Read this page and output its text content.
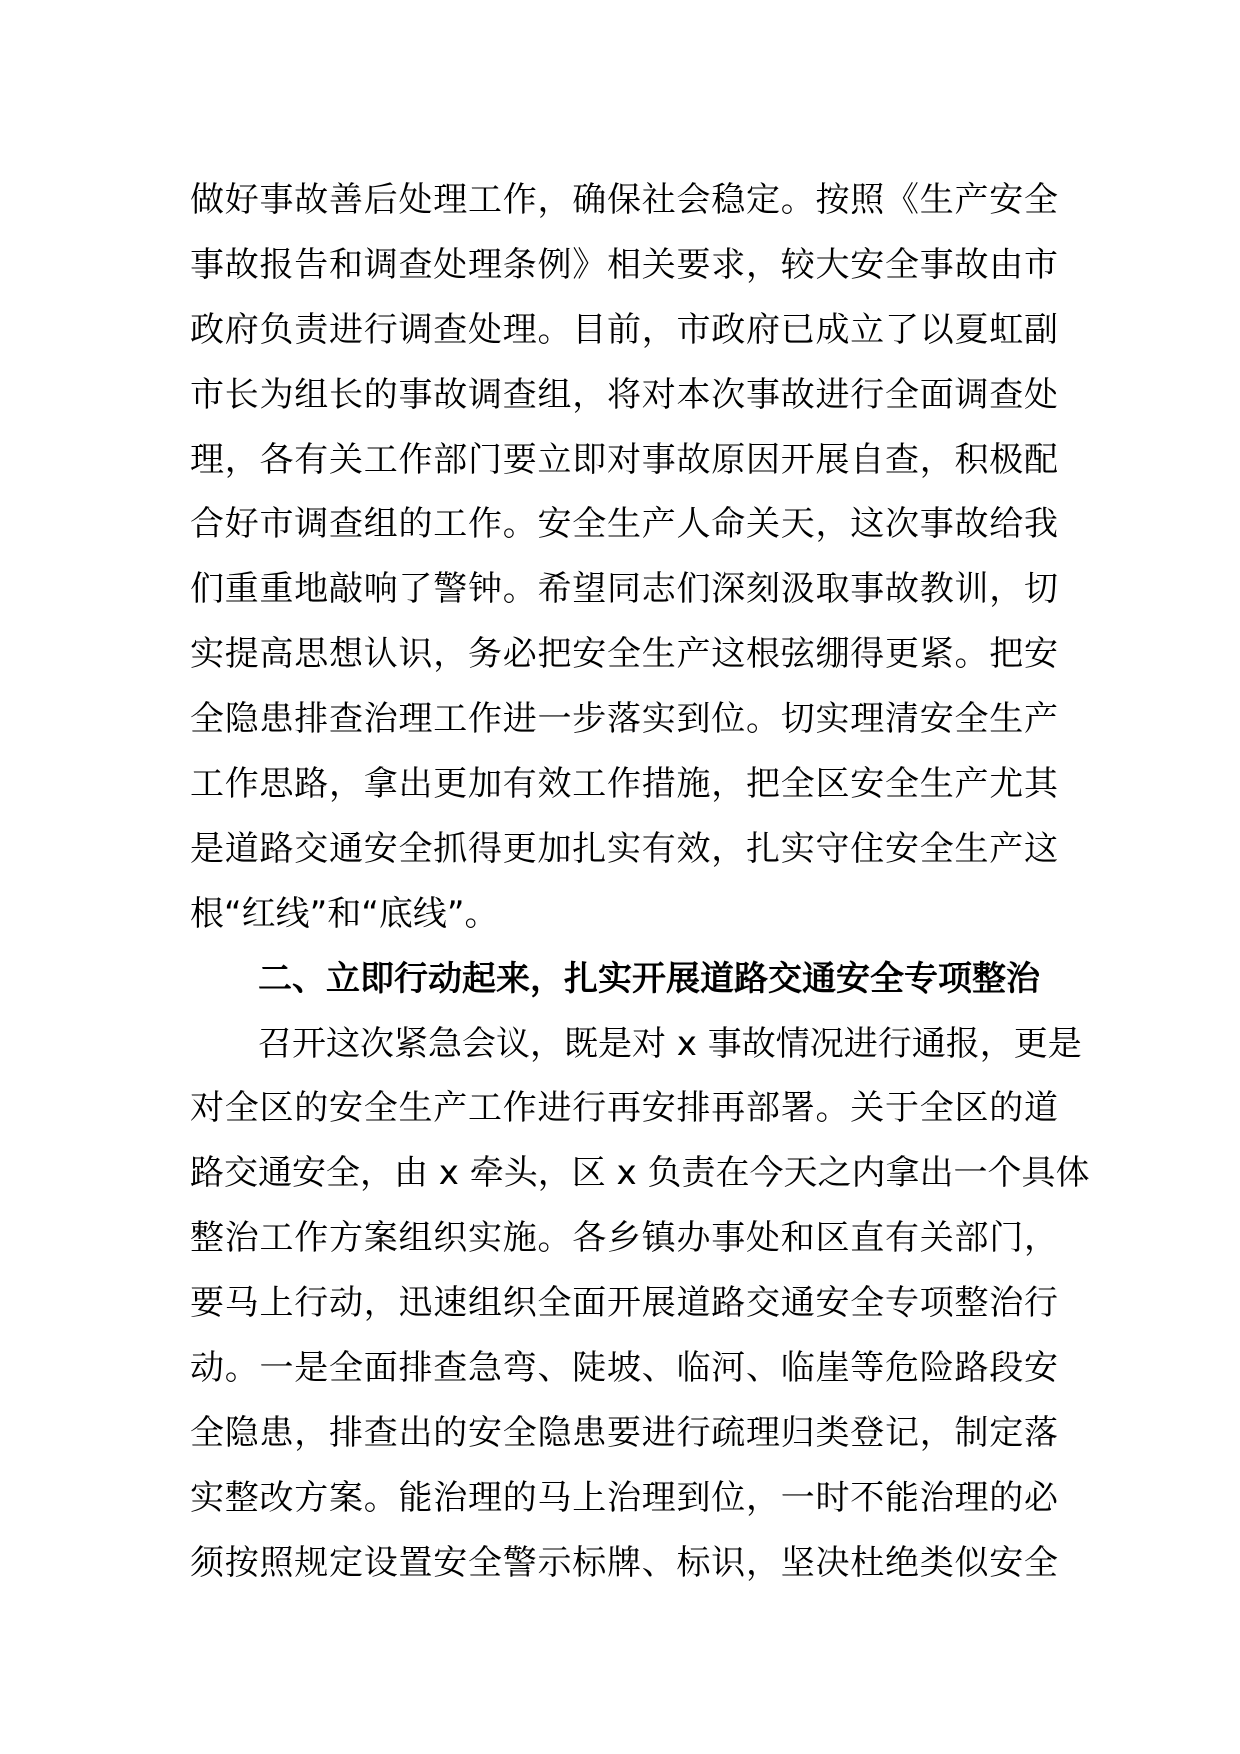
做好事故善后处理工作，确保社会稳定。按照《生产安全
事故报告和调查处理条例》相关要求，较大安全事故由市
政府负责进行调查处理。目前，市政府已成立了以夏虹副
市长为组长的事故调查组，将对本次事故进行全面调查处
理，各有关工作部门要立即对事故原因开展自查，积极配
合好市调查组的工作。安全生产人命关天，这次事故给我
们重重地敲响了警钟。希望同志们深刻汲取事故教训，切
实提高思想认识，务必把安全生产这根弦绷得更紧。把安
全隐患排查治理工作进一步落实到位。切实理清安全生产
工作思路，拿出更加有效工作措施，把全区安全生产尤其
是道路交通安全抓得更加扎实有效，扎实守住安全生产这
根“红线”和“底线”。
二、立即行动起来，扎实开展道路交通安全专项整治
召开这次紧急会议，既是对 x 事故情况进行通报，更是
对全区的安全生产工作进行再安排再部署。关于全区的道
路交通安全，由 x 牵头，区 x 负责在今天之内拿出一个具体
整治工作方案组织实施。各乡镇办事处和区直有关部门，
要马上行动，迅速组织全面开展道路交通安全专项整治行
动。一是全面排查急弯、陡坡、临河、临崖等危险路段安
全隐患，排查出的安全隐患要进行疏理归类登记，制定落
实整改方案。能治理的马上治理到位，一时不能治理的必
须按照规定设置安全警示标牌、标识，坚决杜绝类似安全
